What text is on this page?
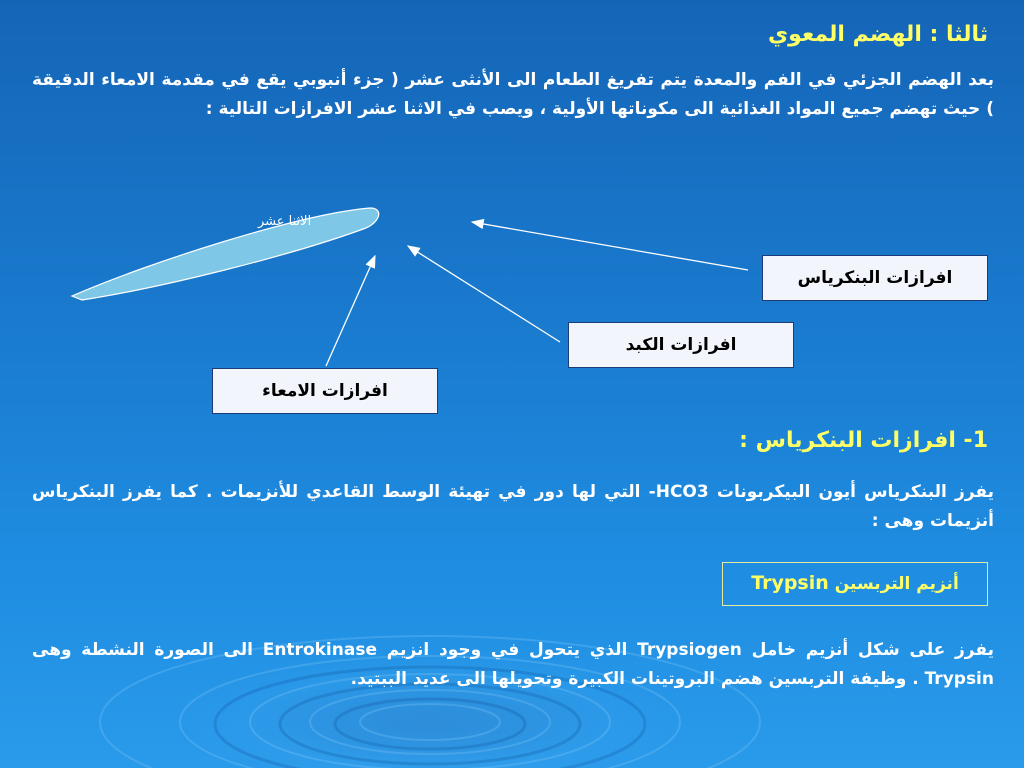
ثالثا : الهضم المعوي
بعد الهضم الجزئي في الفم والمعدة يتم تفريغ الطعام الى الأنثى عشر ( جزء أنبوبي يقع في مقدمة الامعاء الدقيقة ) حيث تهضم جميع المواد الغذائية الى مكوناتها الأولية ، ويصب في الاثنا عشر الافرازات التالية :
الاثنا عشر
افرازات البنكرياس
افرازات الكبد
افرازات الامعاء
1- افرازات البنكرياس :
يفرز البنكرياس أيون البيكربونات -HCO3 التي لها دور في تهيئة الوسط القاعدي للأنزيمات . كما يفرز البنكرياس أنزيمات وهى :
أنزيم التربسين Trypsin
يفرز على شكل أنزيم خامل Trypsiogen الذي يتحول في وجود انزيم Entrokinase الى الصورة النشطة وهى Trypsin . وظيفة التربسين هضم البروتينات الكبيرة وتحويلها الى عديد الببتيد.
